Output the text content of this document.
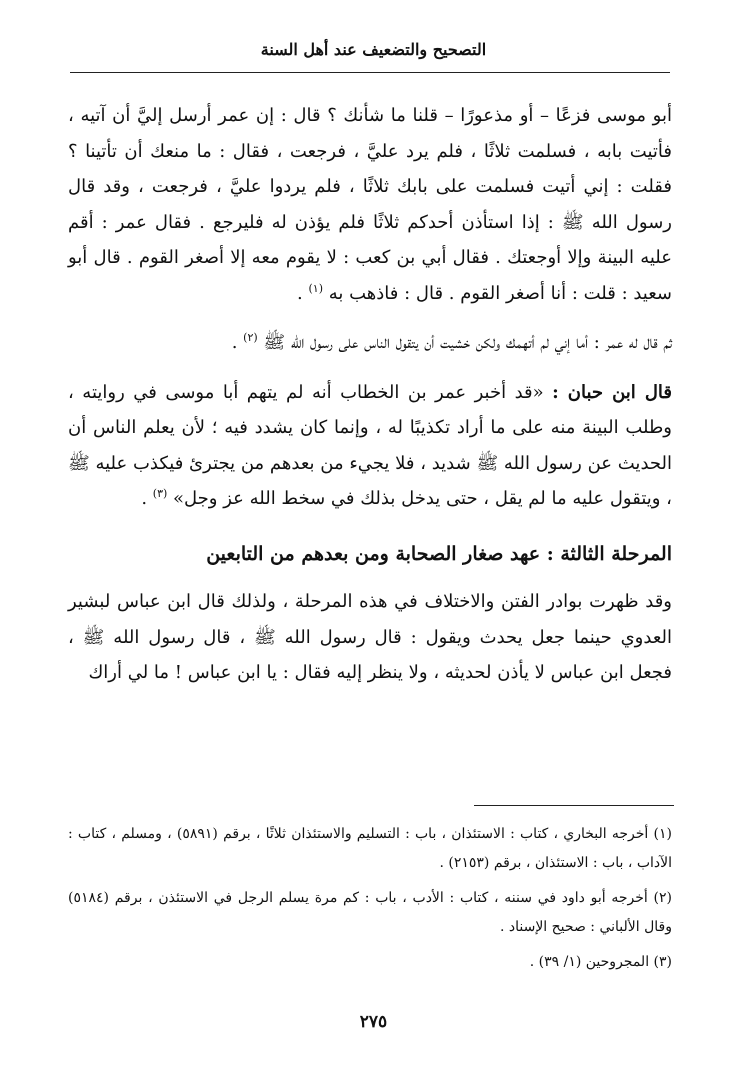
التصحيح والتضعيف عند أهل السنة

أبو موسى فزعًا – أو مذعورًا – قلنا ما شأنك ؟ قال : إن عمر أرسل إليَّ أن آتيه ، فأتيت بابه ، فسلمت ثلاثًا ، فلم يرد عليَّ ، فرجعت ، فقال : ما منعك أن تأتينا ؟ فقلت : إني أتيت فسلمت على بابك ثلاثًا ، فلم يردوا عليَّ ، فرجعت ، وقد قال رسول الله ﷺ : إذا استأذن أحدكم ثلاثًا فلم يؤذن له فليرجع . فقال عمر : أقم عليه البينة وإلا أوجعتك . فقال أبي بن كعب : لا يقوم معه إلا أصغر القوم . قال أبو سعيد : قلت : أنا أصغر القوم . قال : فاذهب به $^{(١)}$ .

ثم قال له عمر : أما إني لم أتهمك ولكن خشيت أن يتقول الناس على رسول الله ﷺ $^{(٢)}$ .

قال ابن حبان : «قد أخبر عمر بن الخطاب أنه لم يتهم أبا موسى في روايته ، وطلب البينة منه على ما أراد تكذيبًا له ، وإنما كان يشدد فيه ؛ لأن يعلم الناس أن الحديث عن رسول الله ﷺ شديد ، فلا يجيء من بعدهم من يجترئ فيكذب عليه ﷺ ، ويتقول عليه ما لم يقل ، حتى يدخل بذلك في سخط الله عز وجل» $^{(٣)}$ .

المرحلة الثالثة : عهد صغار الصحابة ومن بعدهم من التابعين

وقد ظهرت بوادر الفتن والاختلاف في هذه المرحلة ، ولذلك قال ابن عباس لبشير العدوي حينما جعل يحدث ويقول : قال رسول الله ﷺ ، قال رسول الله ﷺ ، فجعل ابن عباس لا يأذن لحديثه ، ولا ينظر إليه فقال : يا ابن عباس ! ما لي أراك

(١) أخرجه البخاري ، كتاب : الاستئذان ، باب : التسليم والاستئذان ثلاثًا ، برقم (٥٨٩١) ، ومسلم ، كتاب : الآداب ، باب : الاستئذان ، برقم (٢١٥٣) .

(٢) أخرجه أبو داود في سننه ، كتاب : الأدب ، باب : كم مرة يسلم الرجل في الاستئذن ، برقم (٥١٨٤) وقال الألباني : صحيح الإسناد .

(٣) المجروحين (١/ ٣٩) .

٢٧٥
